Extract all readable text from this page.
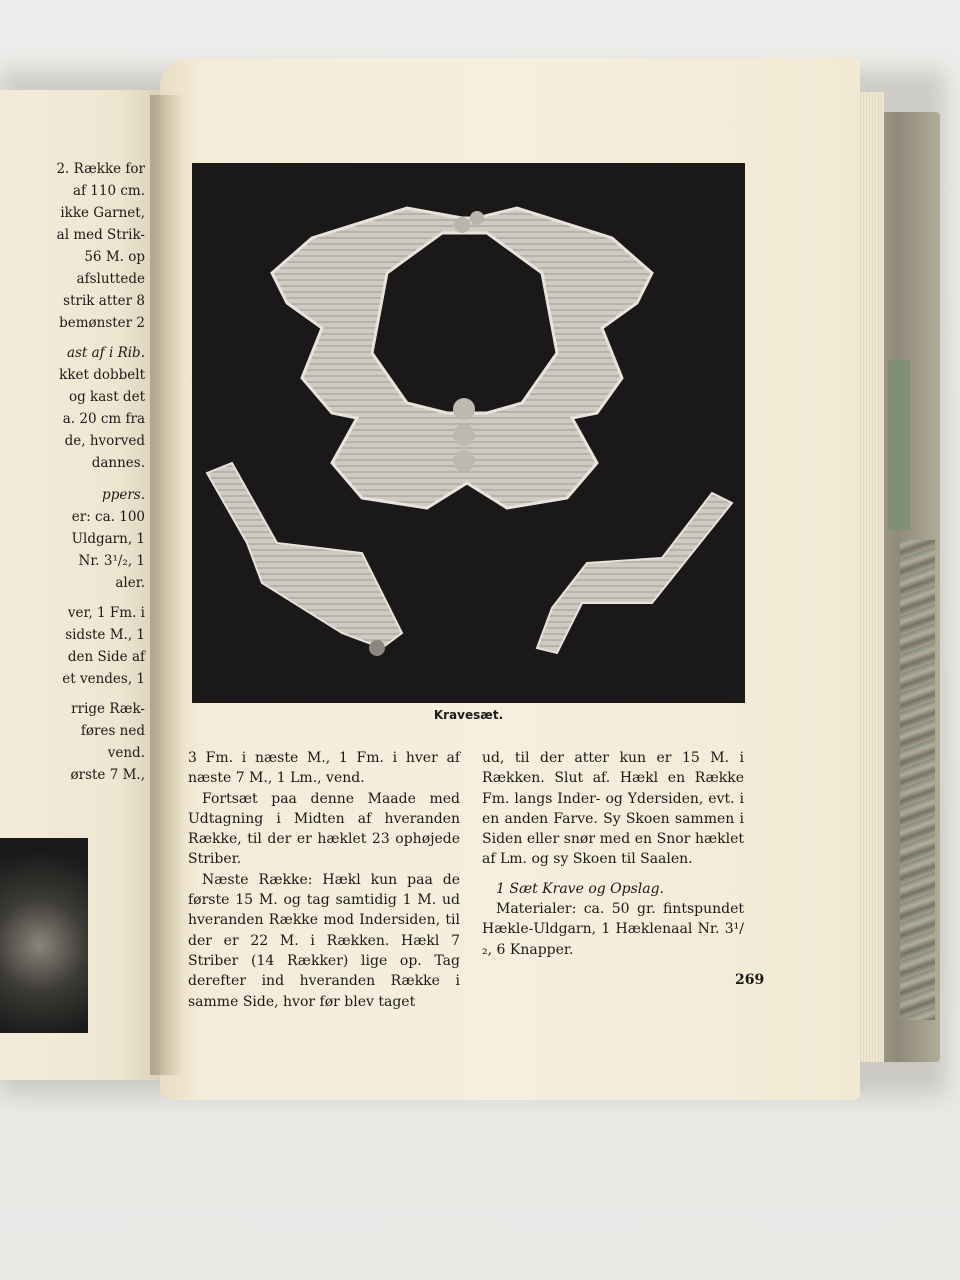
2. Række for
af 110 cm.
ikke Garnet,
al med Strik-
56 M. op
afsluttede
strik atter 8
bemønster 2
ast af i Rib.
kket dobbelt
og kast det
a. 20 cm fra
de, hvorved
dannes.
ppers.
er: ca. 100
Uldgarn, 1
Nr. 3¹/₂, 1
aler.
ver, 1 Fm. i
sidste M., 1
den Side af
et vendes, 1
rrige Ræk-
føres ned
vend.
ørste 7 M.,
Kravesæt.

3 Fm. i næste M., 1 Fm. i hver af næste 7 M., 1 Lm., vend.

Fortsæt paa denne Maade med Udtagning i Midten af hveranden Række, til der er hæklet 23 ophøjede Striber.

Næste Række: Hækl kun paa de første 15 M. og tag samtidig 1 M. ud hveranden Række mod Indersiden, til der er 22 M. i Rækken. Hækl 7 Striber (14 Rækker) lige op. Tag derefter ind hveranden Række i samme Side, hvor før blev taget

ud, til der atter kun er 15 M. i Rækken. Slut af. Hækl en Række Fm. langs Inder- og Ydersiden, evt. i en anden Farve. Sy Skoen sammen i Siden eller snør med en Snor hæklet af Lm. og sy Skoen til Saalen.

1 Sæt Krave og Opslag.

Materialer: ca. 50 gr. fintspundet Hækle-Uldgarn, 1 Hæklenaal Nr. 3¹/₂, 6 Knapper.

269
